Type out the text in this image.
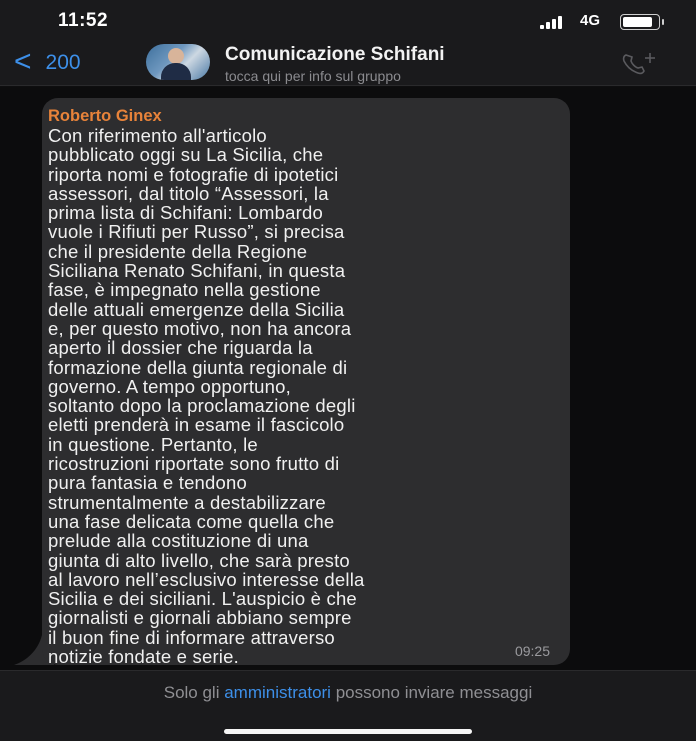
11:52	4G
< 200	Comunicazione Schifani
tocca qui per info sul gruppo
Roberto Ginex
Con riferimento all'articolo
pubblicato oggi su La Sicilia, che
riporta nomi e fotografie di ipotetici
assessori, dal titolo “Assessori, la
prima lista di Schifani: Lombardo
vuole i Rifiuti per Russo”, si precisa
che il presidente della Regione
Siciliana Renato Schifani, in questa
fase, è impegnato nella gestione
delle attuali emergenze della Sicilia
e, per questo motivo, non ha ancora
aperto il dossier che riguarda la
formazione della giunta regionale di
governo. A tempo opportuno,
soltanto dopo la proclamazione degli
eletti prenderà in esame il fascicolo
in questione. Pertanto, le
ricostruzioni riportate sono frutto di
pura fantasia e tendono
strumentalmente a destabilizzare
una fase delicata come quella che
prelude alla costituzione di una
giunta di alto livello, che sarà presto
al lavoro nell’esclusivo interesse della
Sicilia e dei siciliani. L'auspicio è che
giornalisti e giornali abbiano sempre
il buon fine di informare attraverso
notizie fondate e serie.	09:25
Solo gli amministratori possono inviare messaggi
